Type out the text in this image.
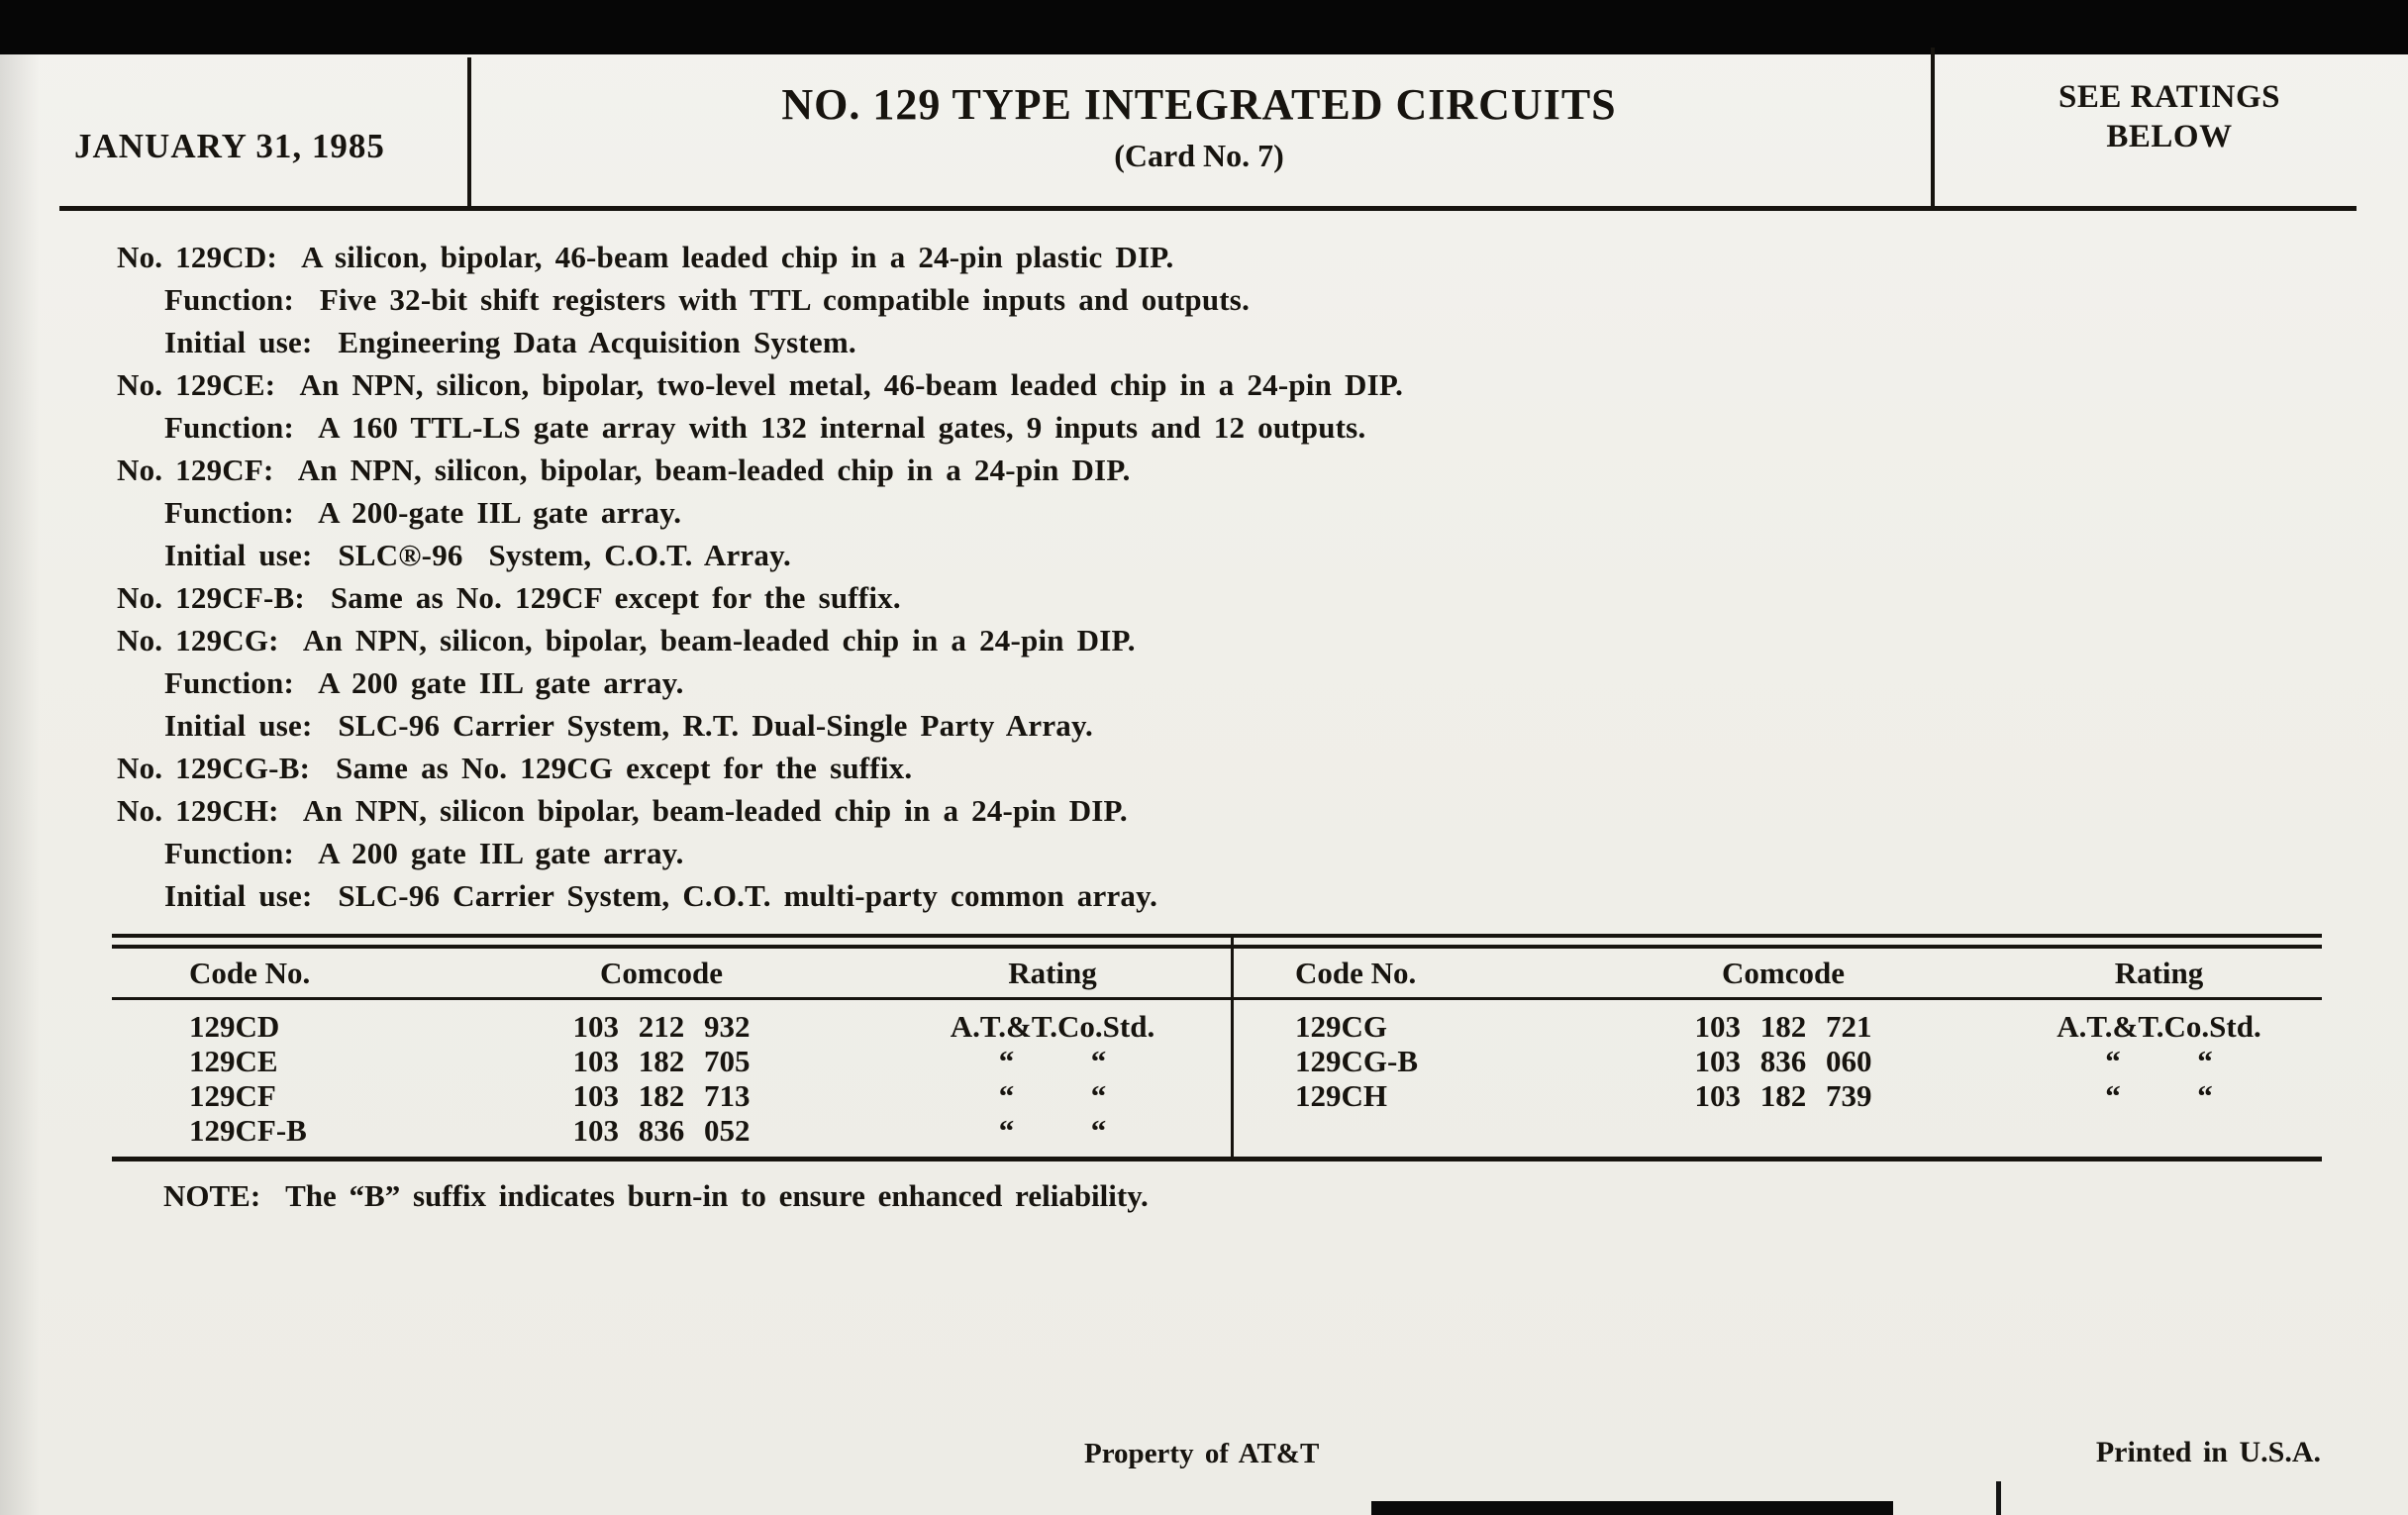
JANUARY 31, 1985
NO. 129 TYPE INTEGRATED CIRCUITS
(Card No. 7)
SEE RATINGS
BELOW
No. 129CD:  A silicon, bipolar, 46-beam leaded chip in a 24-pin plastic DIP.
Function:  Five 32-bit shift registers with TTL compatible inputs and outputs.
Initial use:  Engineering Data Acquisition System.
No. 129CE:  An NPN, silicon, bipolar, two-level metal, 46-beam leaded chip in a 24-pin DIP.
Function:  A 160 TTL-LS gate array with 132 internal gates, 9 inputs and 12 outputs.
No. 129CF:  An NPN, silicon, bipolar, beam-leaded chip in a 24-pin DIP.
Function:  A 200-gate IIL gate array.
Initial use:  SLC®-96  System, C.O.T. Array.
No. 129CF-B:  Same as No. 129CF except for the suffix.
No. 129CG:  An NPN, silicon, bipolar, beam-leaded chip in a 24-pin DIP.
Function:  A 200 gate IIL gate array.
Initial use:  SLC-96 Carrier System, R.T. Dual-Single Party Array.
No. 129CG-B:  Same as No. 129CG except for the suffix.
No. 129CH:  An NPN, silicon bipolar, beam-leaded chip in a 24-pin DIP.
Function:  A 200 gate IIL gate array.
Initial use:  SLC-96 Carrier System, C.O.T. multi-party common array.
Code No.	Comcode	Rating
129CD	103 212 932	A.T.&T.Co.Std.
129CE	103 182 705	“          “
129CF	103 182 713	“          “
129CF-B	103 836 052	“          “
Code No.	Comcode	Rating
129CG	103 182 721	A.T.&T.Co.Std.
129CG-B	103 836 060	“          “
129CH	103 182 739	“          “
NOTE:  The “B” suffix indicates burn-in to ensure enhanced reliability.
Property of AT&T	Printed in U.S.A.
